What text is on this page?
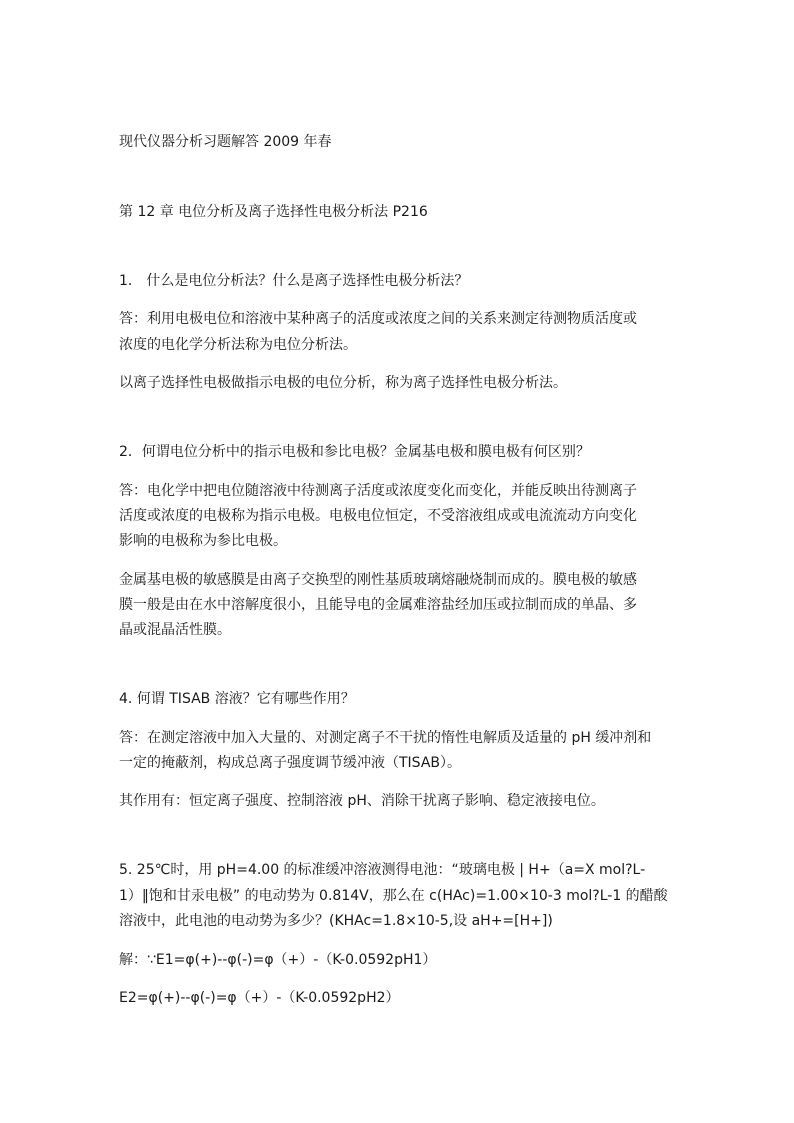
现代仪器分析习题解答 2009 年春
第 12 章 电位分析及离子选择性电极分析法 P216
1． 什么是电位分析法？什么是离子选择性电极分析法？
答：利用电极电位和溶液中某种离子的活度或浓度之间的关系来测定待测物质活度或
浓度的电化学分析法称为电位分析法。
以离子选择性电极做指示电极的电位分析，称为离子选择性电极分析法。
2．何谓电位分析中的指示电极和参比电极？金属基电极和膜电极有何区别？
答：电化学中把电位随溶液中待测离子活度或浓度变化而变化，并能反映出待测离子
活度或浓度的电极称为指示电极。电极电位恒定，不受溶液组成或电流流动方向变化
影响的电极称为参比电极。
金属基电极的敏感膜是由离子交换型的刚性基质玻璃熔融烧制而成的。膜电极的敏感
膜一般是由在水中溶解度很小，且能导电的金属难溶盐经加压或拉制而成的单晶、多
晶或混晶活性膜。
4. 何谓 TISAB 溶液？它有哪些作用？
答：在测定溶液中加入大量的、对测定离子不干扰的惰性电解质及适量的 pH 缓冲剂和
一定的掩蔽剂，构成总离子强度调节缓冲液（TISAB）。
其作用有：恒定离子强度、控制溶液 pH、消除干扰离子影响、稳定液接电位。
5. 25℃时，用 pH=4.00 的标准缓冲溶液测得电池：“玻璃电极 | H+（a=X mol?L-
1）‖饱和甘汞电极” 的电动势为 0.814V，那么在 c(HAc)=1.00×10-3 mol?L-1 的醋酸
溶液中，此电池的电动势为多少？(KHAc=1.8×10-5,设 aH+=[H+])
解：∵E1=φ(+)--φ(-)=φ（+）-（K-0.0592pH1）
E2=φ(+)--φ(-)=φ（+）-（K-0.0592pH2）
